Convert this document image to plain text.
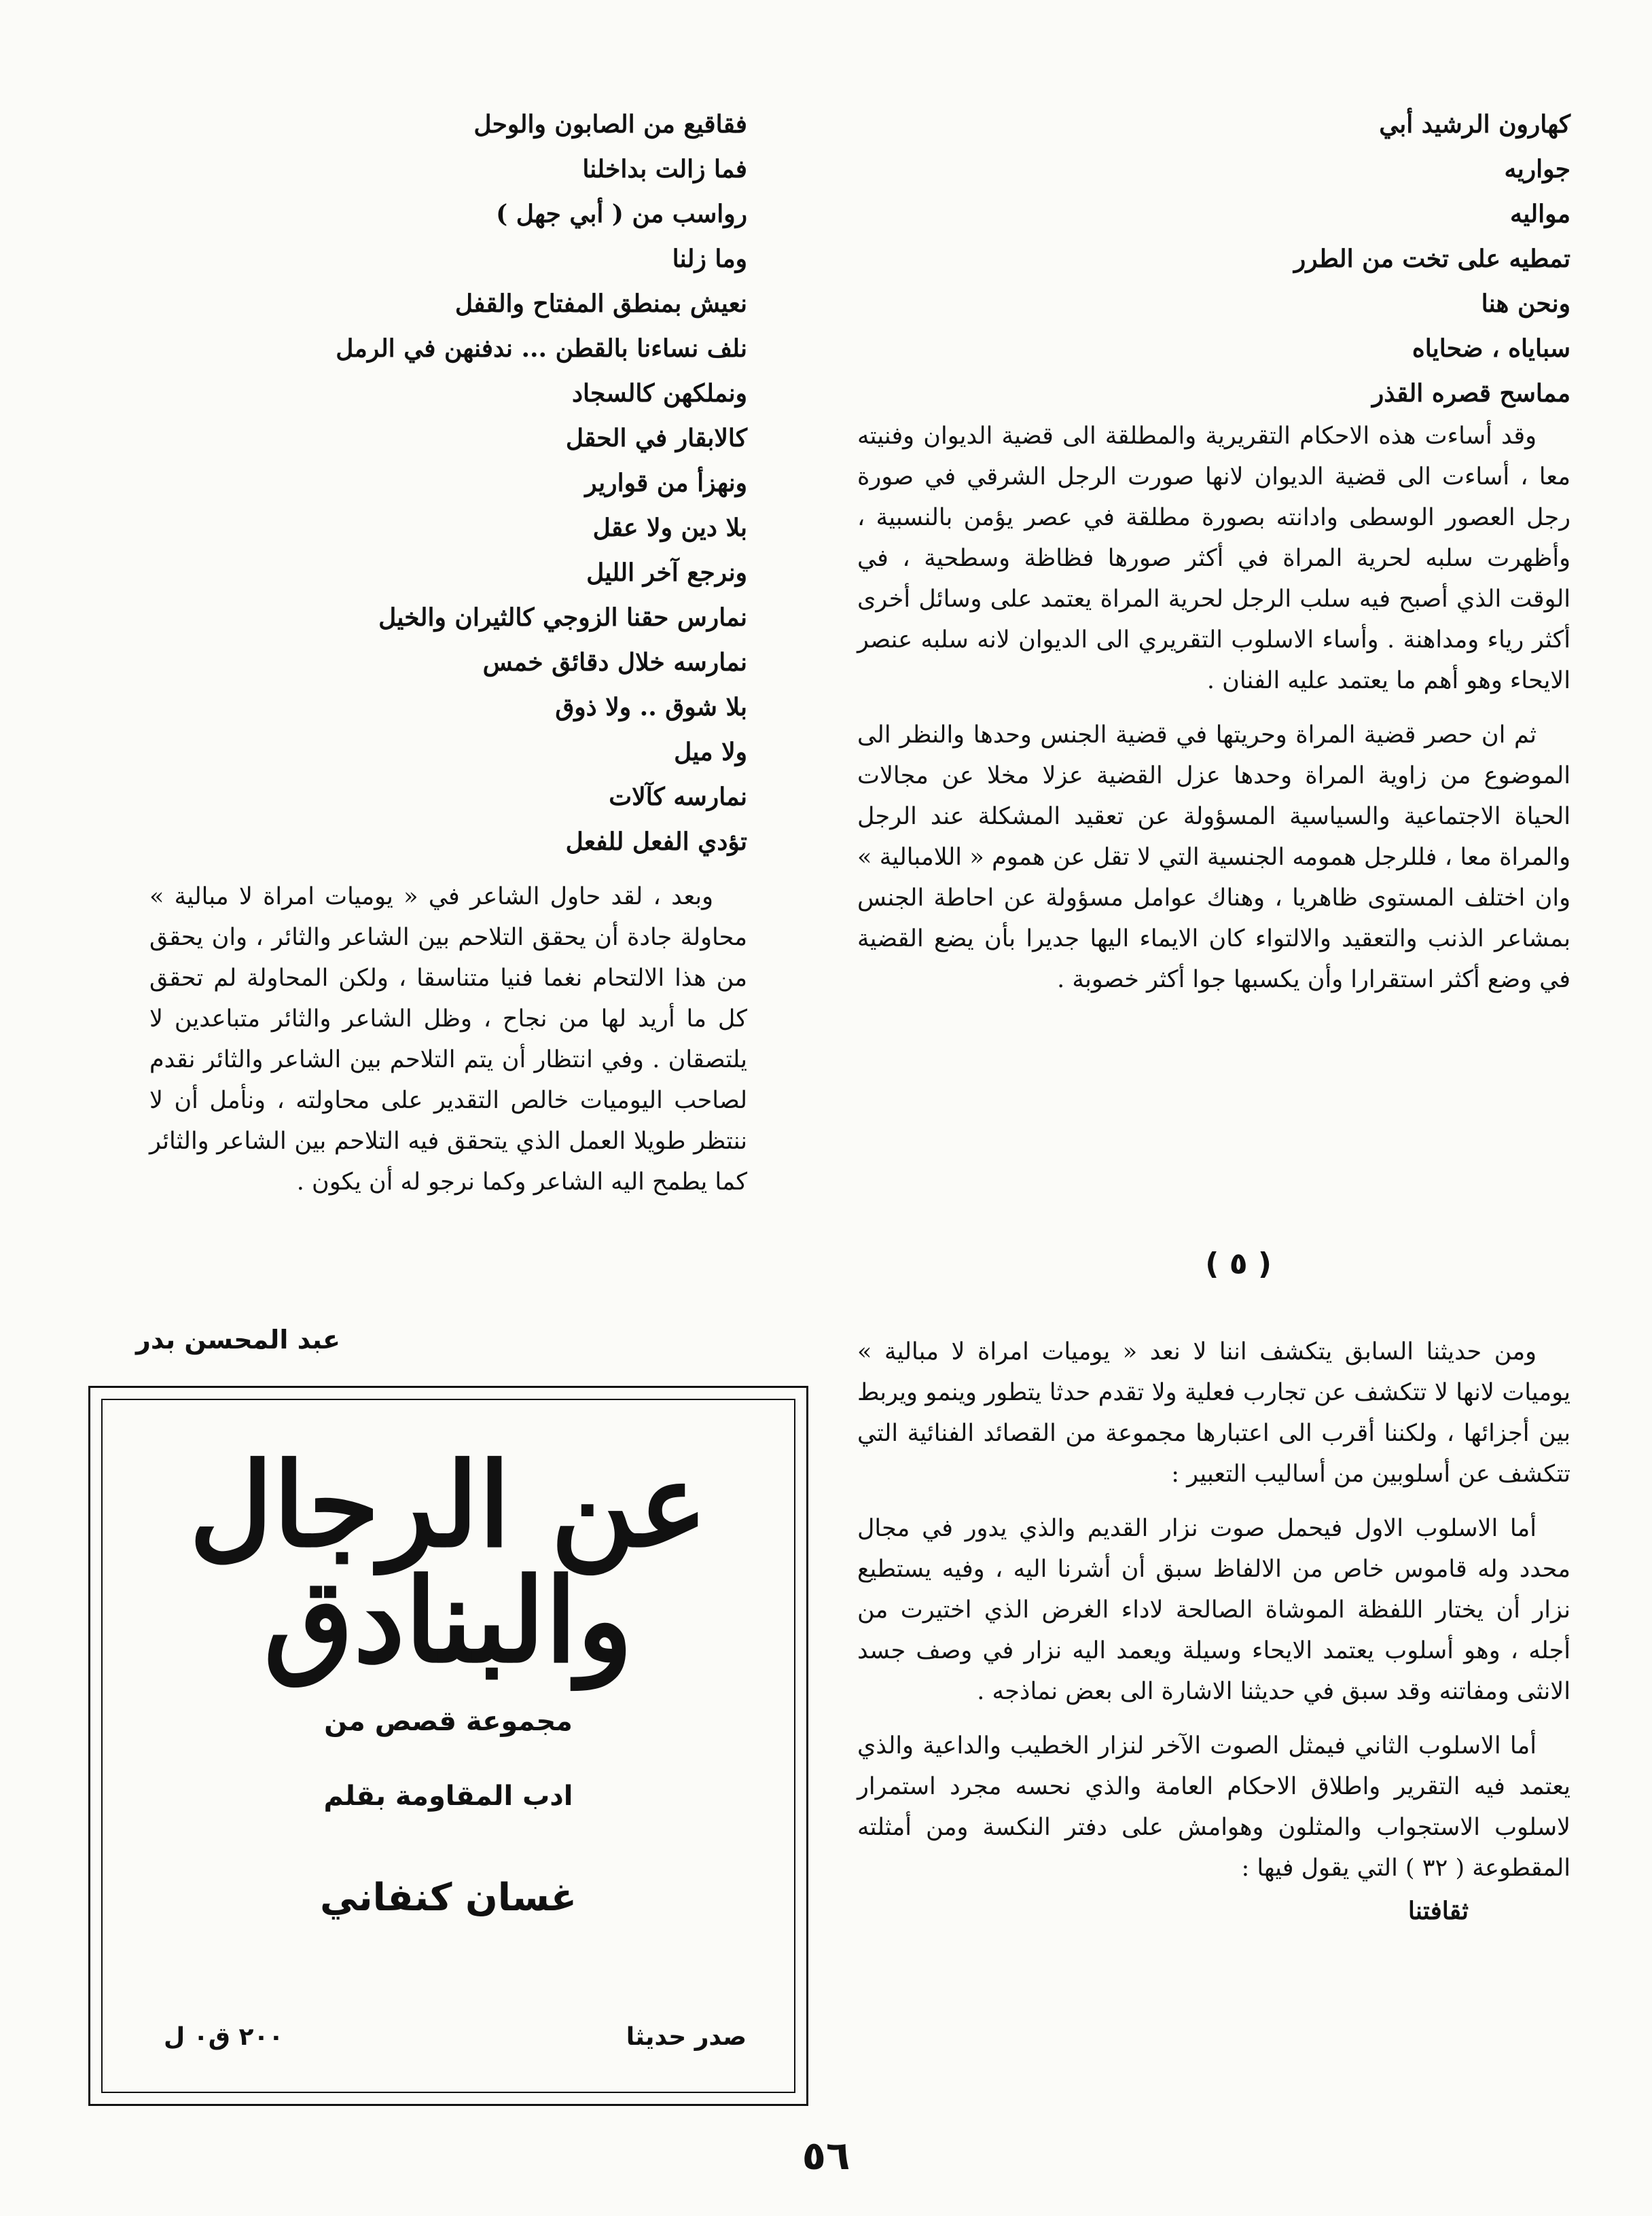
كهارون الرشيد أبي
جواريه
مواليه
تمطيه على تخت من الطرر
ونحن هنا
سباياه ، ضحاياه
مماسح قصره القذر

وقد أساءت هذه الاحكام التقريرية والمطلقة الى قضية الديوان وفنيته معا ، أساءت الى قضية الديوان لانها صورت الرجل الشرقي في صورة رجل العصور الوسطى وادانته بصورة مطلقة في عصر يؤمن بالنسبية ، وأظهرت سلبه لحرية المراة في أكثر صورها فظاظة وسطحية ، في الوقت الذي أصبح فيه سلب الرجل لحرية المراة يعتمد على وسائل أخرى أكثر رياء ومداهنة . وأساء الاسلوب التقريري الى الديوان لانه سلبه عنصر الايحاء وهو أهم ما يعتمد عليه الفنان .

ثم ان حصر قضية المراة وحريتها في قضية الجنس وحدها والنظر الى الموضوع من زاوية المراة وحدها عزل القضية عزلا مخلا عن مجالات الحياة الاجتماعية والسياسية المسؤولة عن تعقيد المشكلة عند الرجل والمراة معا ، فللرجل همومه الجنسية التي لا تقل عن هموم « اللامبالية » وان اختلف المستوى ظاهريا ، وهناك عوامل مسؤولة عن احاطة الجنس بمشاعر الذنب والتعقيد والالتواء كان الايماء اليها جديرا بأن يضع القضية في وضع أكثر استقرارا وأن يكسبها جوا أكثر خصوبة .

فقاقيع من الصابون والوحل
فما زالت بداخلنا
رواسب من ( أبي جهل )
وما زلنا
نعيش بمنطق المفتاح والقفل
نلف نساءنا بالقطن ... ندفنهن في الرمل
ونملكهن كالسجاد
كالابقار في الحقل
ونهزأ من قوارير
بلا دين ولا عقل
ونرجع آخر الليل
نمارس حقنا الزوجي كالثيران والخيل
نمارسه خلال دقائق خمس
بلا شوق .. ولا ذوق
ولا ميل
نمارسه كآلات
تؤدي الفعل للفعل

وبعد ، لقد حاول الشاعر في « يوميات امراة لا مبالية » محاولة جادة أن يحقق التلاحم بين الشاعر والثائر ، وان يحقق من هذا الالتحام نغما فنيا متناسقا ، ولكن المحاولة لم تحقق كل ما أريد لها من نجاح ، وظل الشاعر والثائر متباعدين لا يلتصقان . وفي انتظار أن يتم التلاحم بين الشاعر والثائر نقدم لصاحب اليوميات خالص التقدير على محاولته ، ونأمل أن لا ننتظر طويلا العمل الذي يتحقق فيه التلاحم بين الشاعر والثائر كما يطمح اليه الشاعر وكما نرجو له أن يكون .

( ٥ )

ومن حديثنا السابق يتكشف اننا لا نعد « يوميات امراة لا مبالية » يوميات لانها لا تتكشف عن تجارب فعلية ولا تقدم حدثا يتطور وينمو ويربط بين أجزائها ، ولكننا أقرب الى اعتبارها مجموعة من القصائد الفنائية التي تتكشف عن أسلوبين من أساليب التعبير :

أما الاسلوب الاول فيحمل صوت نزار القديم والذي يدور في مجال محدد وله قاموس خاص من الالفاظ سبق أن أشرنا اليه ، وفيه يستطيع نزار أن يختار اللفظة الموشاة الصالحة لاداء الغرض الذي اختيرت من أجله ، وهو أسلوب يعتمد الايحاء وسيلة ويعمد اليه نزار في وصف جسد الانثى ومفاتنه وقد سبق في حديثنا الاشارة الى بعض نماذجه .

أما الاسلوب الثاني فيمثل الصوت الآخر لنزار الخطيب والداعية والذي يعتمد فيه التقرير واطلاق الاحكام العامة والذي نحسه مجرد استمرار لاسلوب الاستجواب والمثلون وهوامش على دفتر النكسة ومن أمثلته المقطوعة ( ٣٢ ) التي يقول فيها :

ثقافتنا
عبد المحسن بدر
عن الرجال والبنادق
مجموعة قصص من
ادب المقاومة بقلم
غسان كنفاني
صدر حديثا
٢٠٠ ق٠ ل
٥٦
